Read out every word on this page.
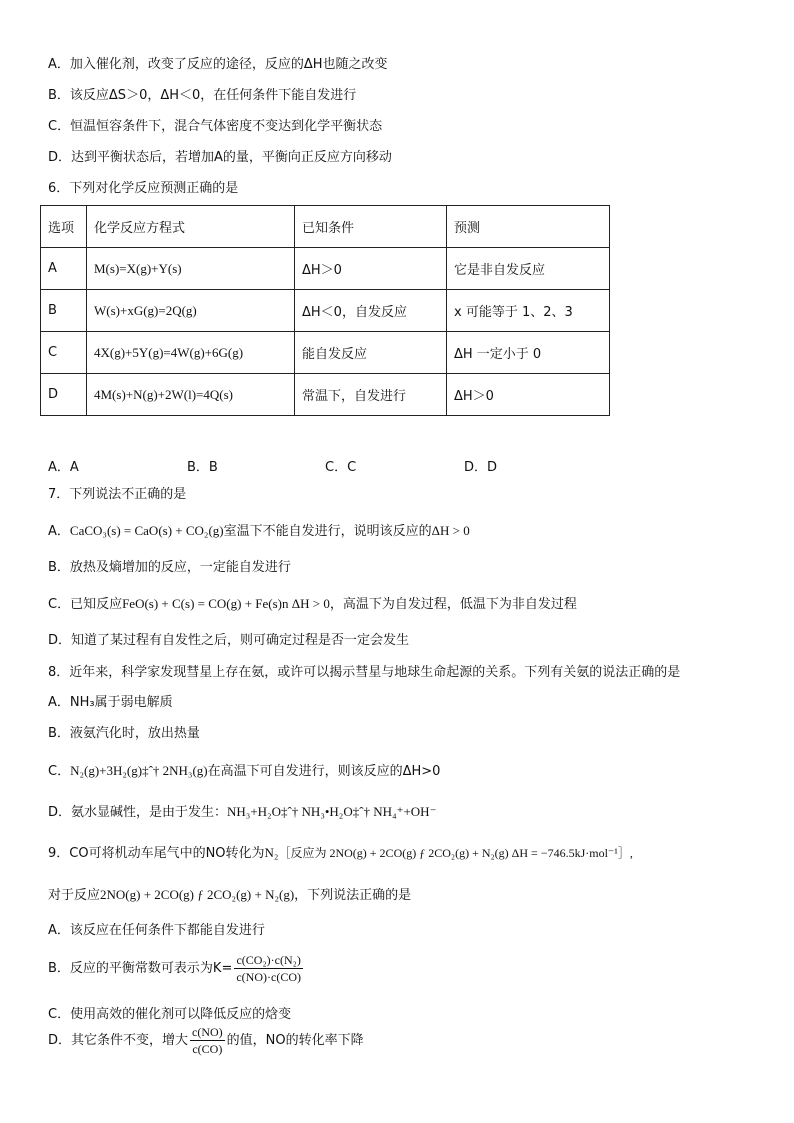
A．加入催化剂，改变了反应的途径，反应的ΔH也随之改变
B．该反应ΔS＞0，ΔH＜0，在任何条件下能自发进行
C．恒温恒容条件下，混合气体密度不变达到化学平衡状态
D．达到平衡状态后，若增加A的量，平衡向正反应方向移动
6．下列对化学反应预测正确的是
选项	化学反应方程式	已知条件	预测
A	M(s)=X(g)+Y(s)	ΔH＞0	它是非自发反应
B	W(s)+xG(g)=2Q(g)	ΔH＜0，自发反应	x 可能等于 1、2、3
C	4X(g)+5Y(g)=4W(g)+6G(g)	能自发反应	ΔH 一定小于 0
D	4M(s)+N(g)+2W(l)=4Q(s)	常温下，自发进行	ΔH＞0
A．A	B．B	C．C	D．D
7．下列说法不正确的是
A．CaCO₃(s) = CaO(s) + CO₂(g)室温下不能自发进行，说明该反应的ΔH > 0
B．放热及熵增加的反应，一定能自发进行
C．已知反应FeO(s) + C(s) = CO(g) + Fe(s)n ΔH > 0，高温下为自发过程，低温下为非自发过程
D．知道了某过程有自发性之后，则可确定过程是否一定会发生
8．近年来，科学家发现彗星上存在氨，或许可以揭示彗星与地球生命起源的关系。下列有关氨的说法正确的是
A．NH₃属于弱电解质
B．液氨汽化时，放出热量
C．N₂(g)+3H₂(g)‡ˆ† 2NH₃(g)在高温下可自发进行，则该反应的ΔH>0
D．氨水显碱性，是由于发生：NH₃+H₂O‡ˆ† NH₃•H₂O‡ˆ† NH₄⁺+OH⁻
9．CO可将机动车尾气中的NO转化为N₂［反应为 2NO(g) + 2CO(g) ƒ 2CO₂(g) + N₂(g) ΔH = −746.5kJ·mol⁻¹］,
对于反应2NO(g) + 2CO(g) ƒ 2CO₂(g) + N₂(g)，下列说法正确的是
A．该反应在任何条件下都能自发进行
B．反应的平衡常数可表示为$K= \frac{\text{c(CO₂)·c(N₂)}}{c(NO)\cdot c(CO)}$
C．使用高效的催化剂可以降低反应的焓变
D．其它条件不变，增大 $\frac{c(NO)}{c(CO)}$ 的值，NO的转化率下降
